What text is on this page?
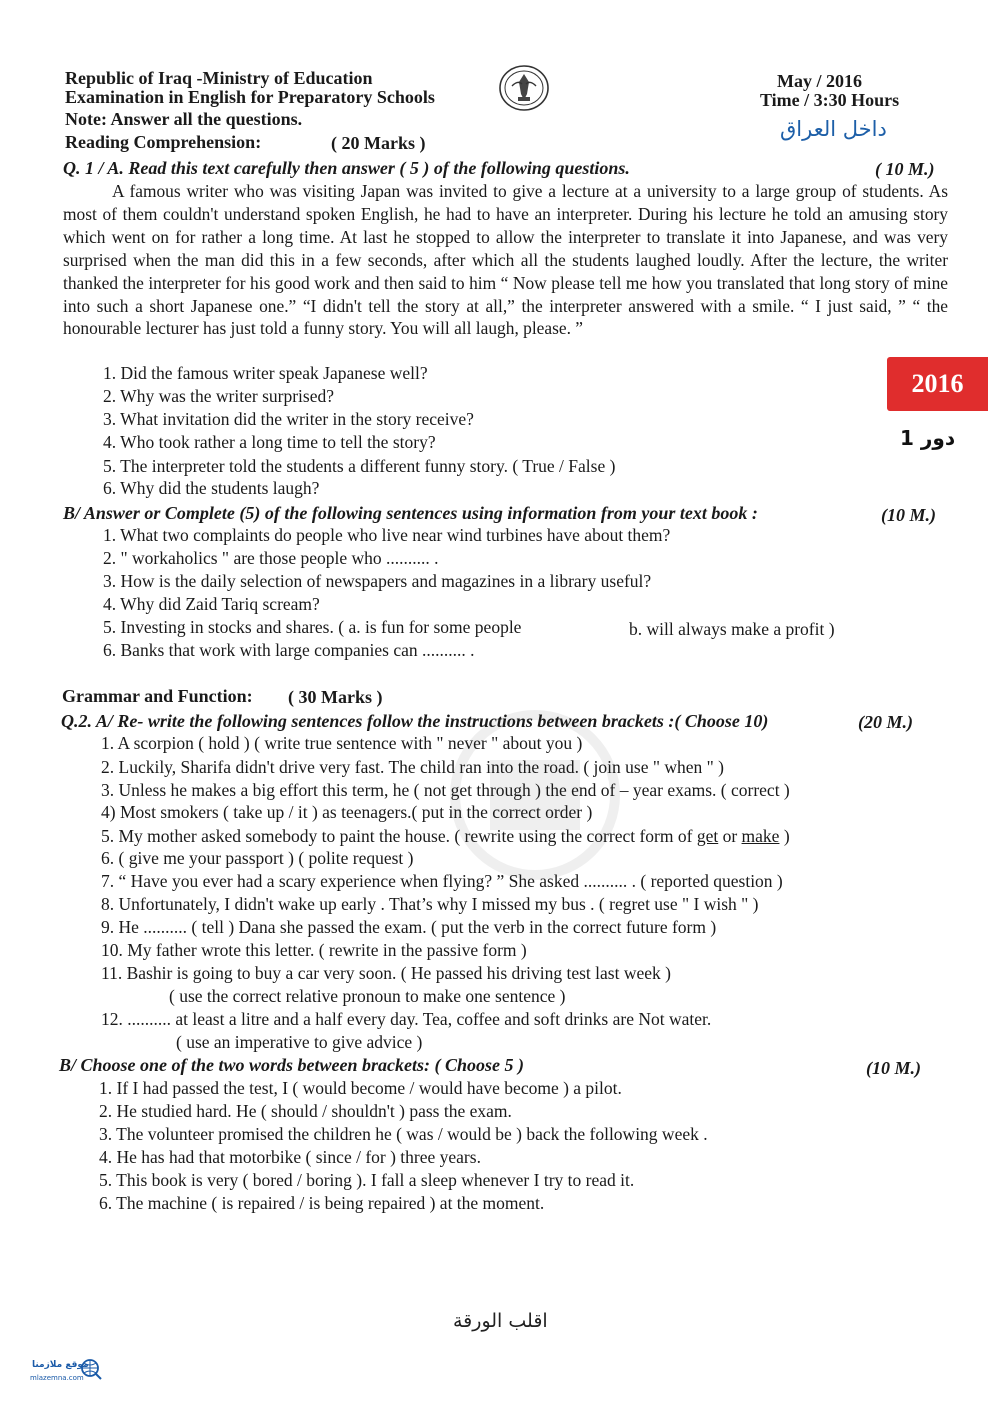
Republic of Iraq -Ministry of Education
Examination in English for Preparatory Schools
Note: Answer all the questions.
May / 2016
Time / 3:30 Hours
داخل العراق
Reading Comprehension:	( 20 Marks )
Q. 1 / A. Read this text carefully then answer ( 5 ) of the following questions.	( 10 M.)
A famous writer who was visiting Japan was invited to give a lecture at a university to a large group of students. As most of them couldn't understand spoken English, he had to have an interpreter. During his lecture he told an amusing story which went on for rather a long time. At last he stopped to allow the interpreter to translate it into Japanese, and was very surprised when the man did this in a few seconds, after which all the students laughed loudly. After the lecture, the writer thanked the interpreter for his good work and then said to him “ Now please tell me how you translated that long story of mine into such a short Japanese one.” “I didn't tell the story at all,” the interpreter answered with a smile. “ I just said, ” “ the honourable lecturer has just told a funny story. You will all laugh, please. ”
1. Did the famous writer speak Japanese well?
2. Why was the writer surprised?
3. What invitation did the writer in the story receive?
4. Who took rather a long time to tell the story?
5. The interpreter told the students a different funny story. ( True / False )
6. Why did the students laugh?
2016
دور 1
B/ Answer or Complete (5) of the following sentences using information from your text book :	(10 M.)
1. What two complaints do people who live near wind turbines have about them?
2. " workaholics " are those people who .......... .
3. How is the daily selection of newspapers and magazines in a library useful?
4. Why did Zaid Tariq scream?
5. Investing in stocks and shares. ( a. is fun for some people	b. will always make a profit )
6. Banks that work with large companies can .......... .
Grammar and Function: ( 30 Marks )
Q.2. A/ Re- write the following sentences follow the instructions between brackets :( Choose 10)	(20 M.)
1. A scorpion ( hold ) ( write true sentence with " never " about you )
2. Luckily, Sharifa didn't drive very fast. The child ran into the road. ( join use " when " )
3. Unless he makes a big effort this term, he ( not get through ) the end of – year exams. ( correct )
4) Most smokers ( take up / it ) as teenagers.( put in the correct order )
5. My mother asked somebody to paint the house. ( rewrite using the correct form of get or make )
6. ( give me your passport ) ( polite request )
7. “ Have you ever had a scary experience when flying? ” She asked .......... . ( reported question )
8. Unfortunately, I didn't wake up early . That’s why I missed my bus . ( regret use " I wish " )
9. He .......... ( tell ) Dana she passed the exam. ( put the verb in the correct future form )
10. My father wrote this letter. ( rewrite in the passive form )
11. Bashir is going to buy a car very soon. ( He passed his driving test last week )
( use the correct relative pronoun to make one sentence )
12. .......... at least a litre and a half every day. Tea, coffee and soft drinks are Not water.
( use an imperative to give advice )
B/ Choose one of the two words between brackets: ( Choose 5 )	(10 M.)
1. If I had passed the test, I ( would become / would have become ) a pilot.
2. He studied hard. He ( should / shouldn't ) pass the exam.
3. The volunteer promised the children he ( was / would be ) back the following week .
4. He has had that motorbike ( since / for ) three years.
5. This book is very ( bored / boring ). I fall a sleep whenever I try to read it.
6. The machine ( is repaired / is being repaired ) at the moment.
اقلب الورقة
موقع ملازمنا
mlazemna.com
